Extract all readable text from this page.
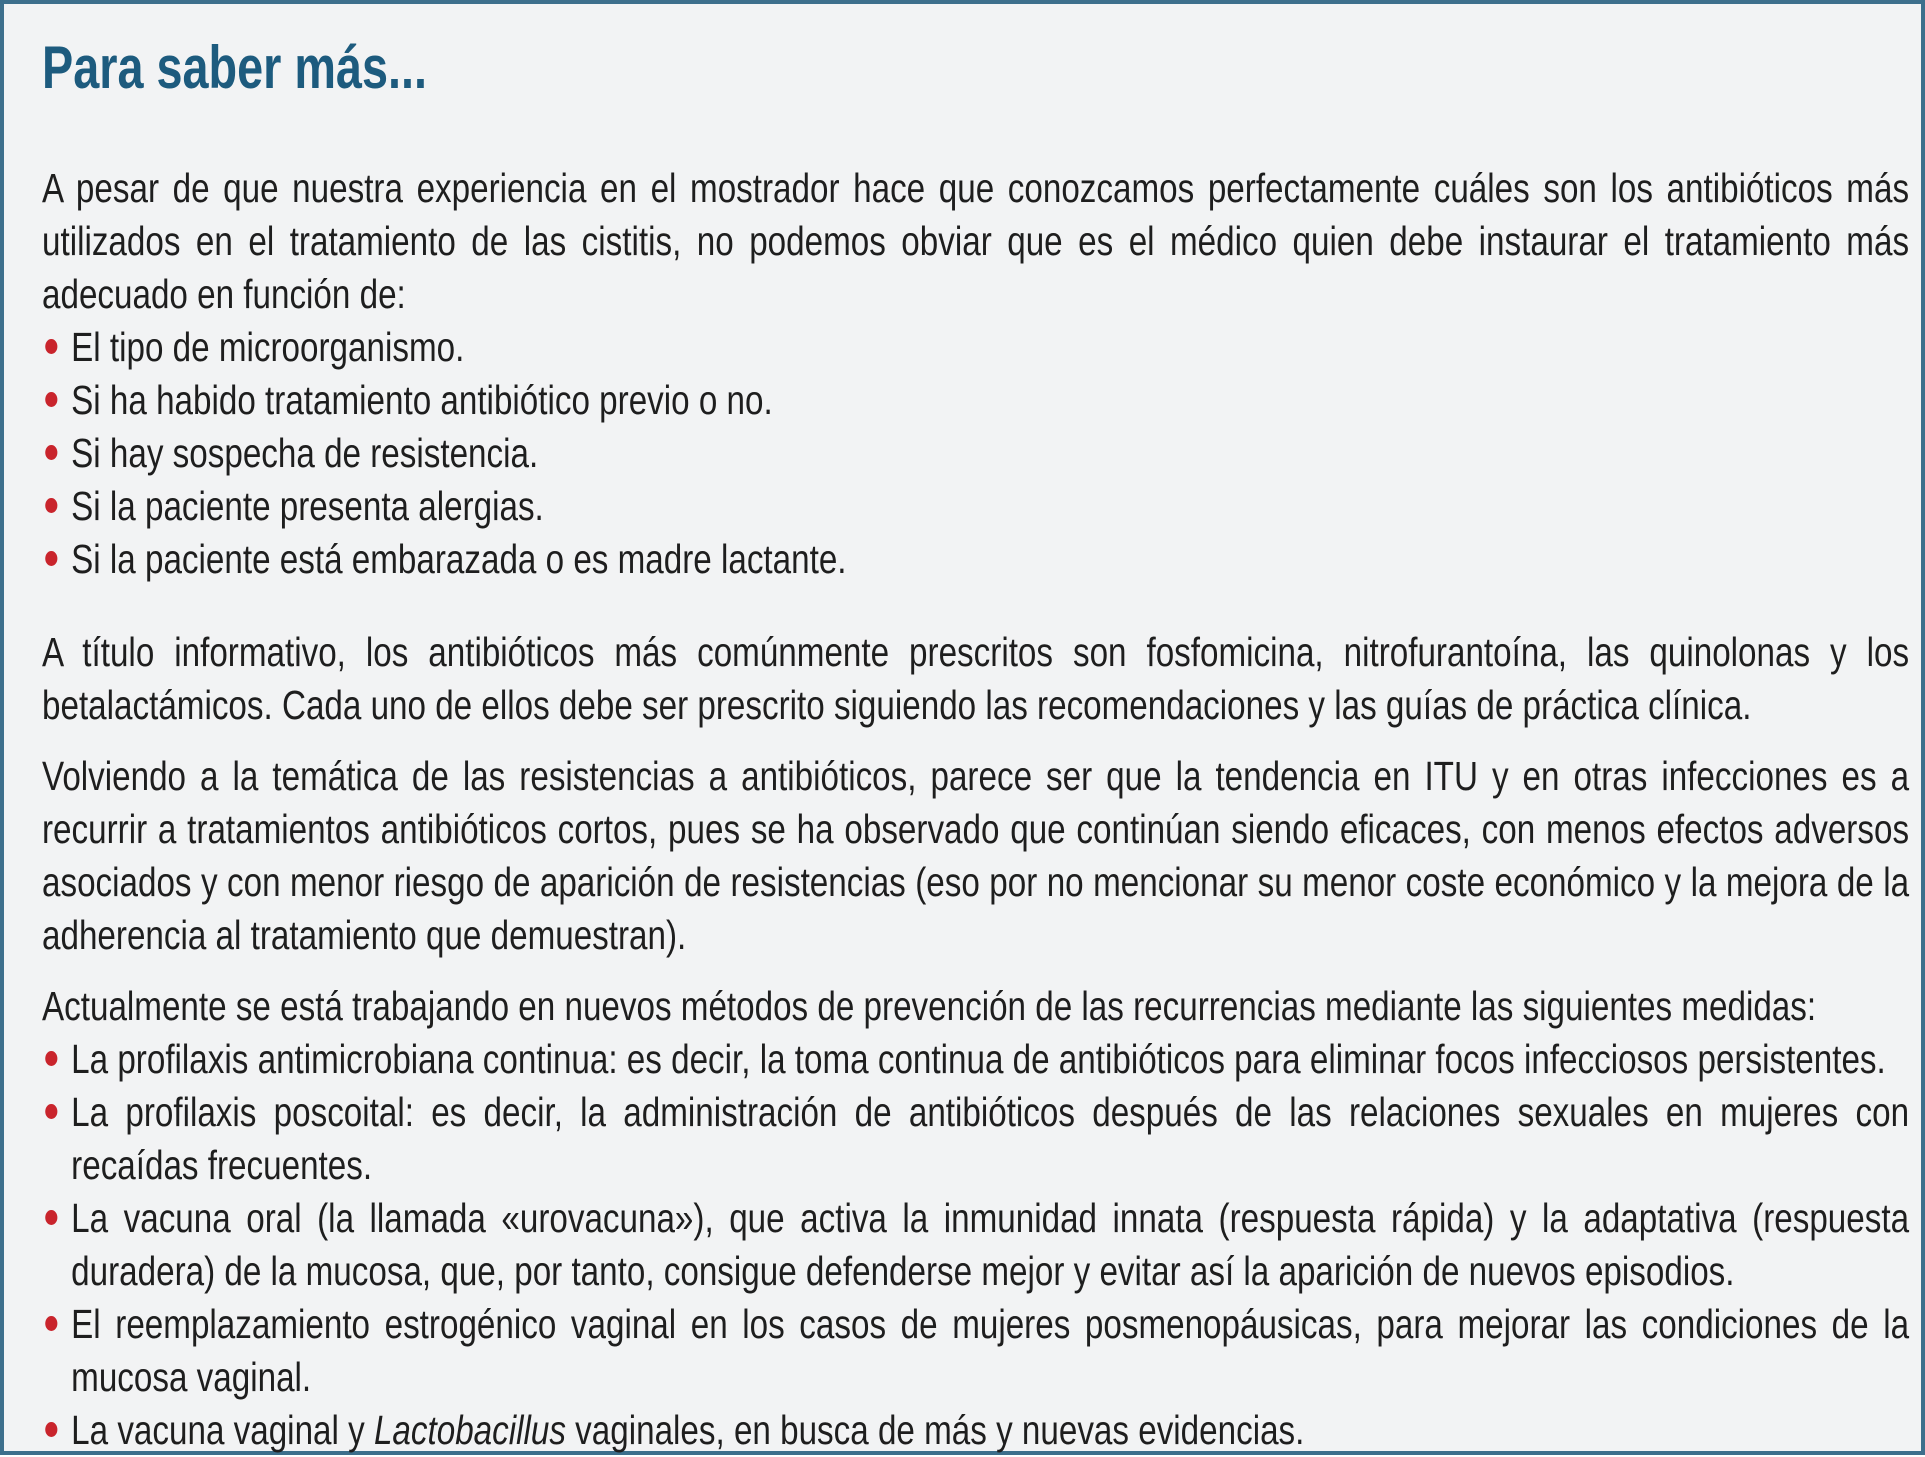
Para saber más...

A pesar de que nuestra experiencia en el mostrador hace que conozcamos perfectamente cuáles son los antibióticos más utilizados en el tratamiento de las cistitis, no podemos obviar que es el médico quien debe instaurar el tratamiento más adecuado en función de:

El tipo de microorganismo.
Si ha habido tratamiento antibiótico previo o no.
Si hay sospecha de resistencia.
Si la paciente presenta alergias.
Si la paciente está embarazada o es madre lactante.

A título informativo, los antibióticos más comúnmente prescritos son fosfomicina, nitrofurantoína, las quinolonas y los betalactámicos. Cada uno de ellos debe ser prescrito siguiendo las recomendaciones y las guías de práctica clínica.

Volviendo a la temática de las resistencias a antibióticos, parece ser que la tendencia en ITU y en otras infecciones es a recurrir a tratamientos antibióticos cortos, pues se ha observado que continúan siendo eficaces, con menos efectos adversos asociados y con menor riesgo de aparición de resistencias (eso por no mencionar su menor coste económico y la mejora de la adherencia al tratamiento que demuestran).

Actualmente se está trabajando en nuevos métodos de prevención de las recurrencias mediante las siguientes medidas:

La profilaxis antimicrobiana continua: es decir, la toma continua de antibióticos para eliminar focos infecciosos persistentes.
La profilaxis poscoital: es decir, la administración de antibióticos después de las relaciones sexuales en mujeres con recaídas frecuentes.
La vacuna oral (la llamada «urovacuna»), que activa la inmunidad innata (respuesta rápida) y la adaptativa (respuesta duradera) de la mucosa, que, por tanto, consigue defenderse mejor y evitar así la aparición de nuevos episodios.
El reemplazamiento estrogénico vaginal en los casos de mujeres posmenopáusicas, para mejorar las condiciones de la mucosa vaginal.
La vacuna vaginal y Lactobacillus vaginales, en busca de más y nuevas evidencias.
